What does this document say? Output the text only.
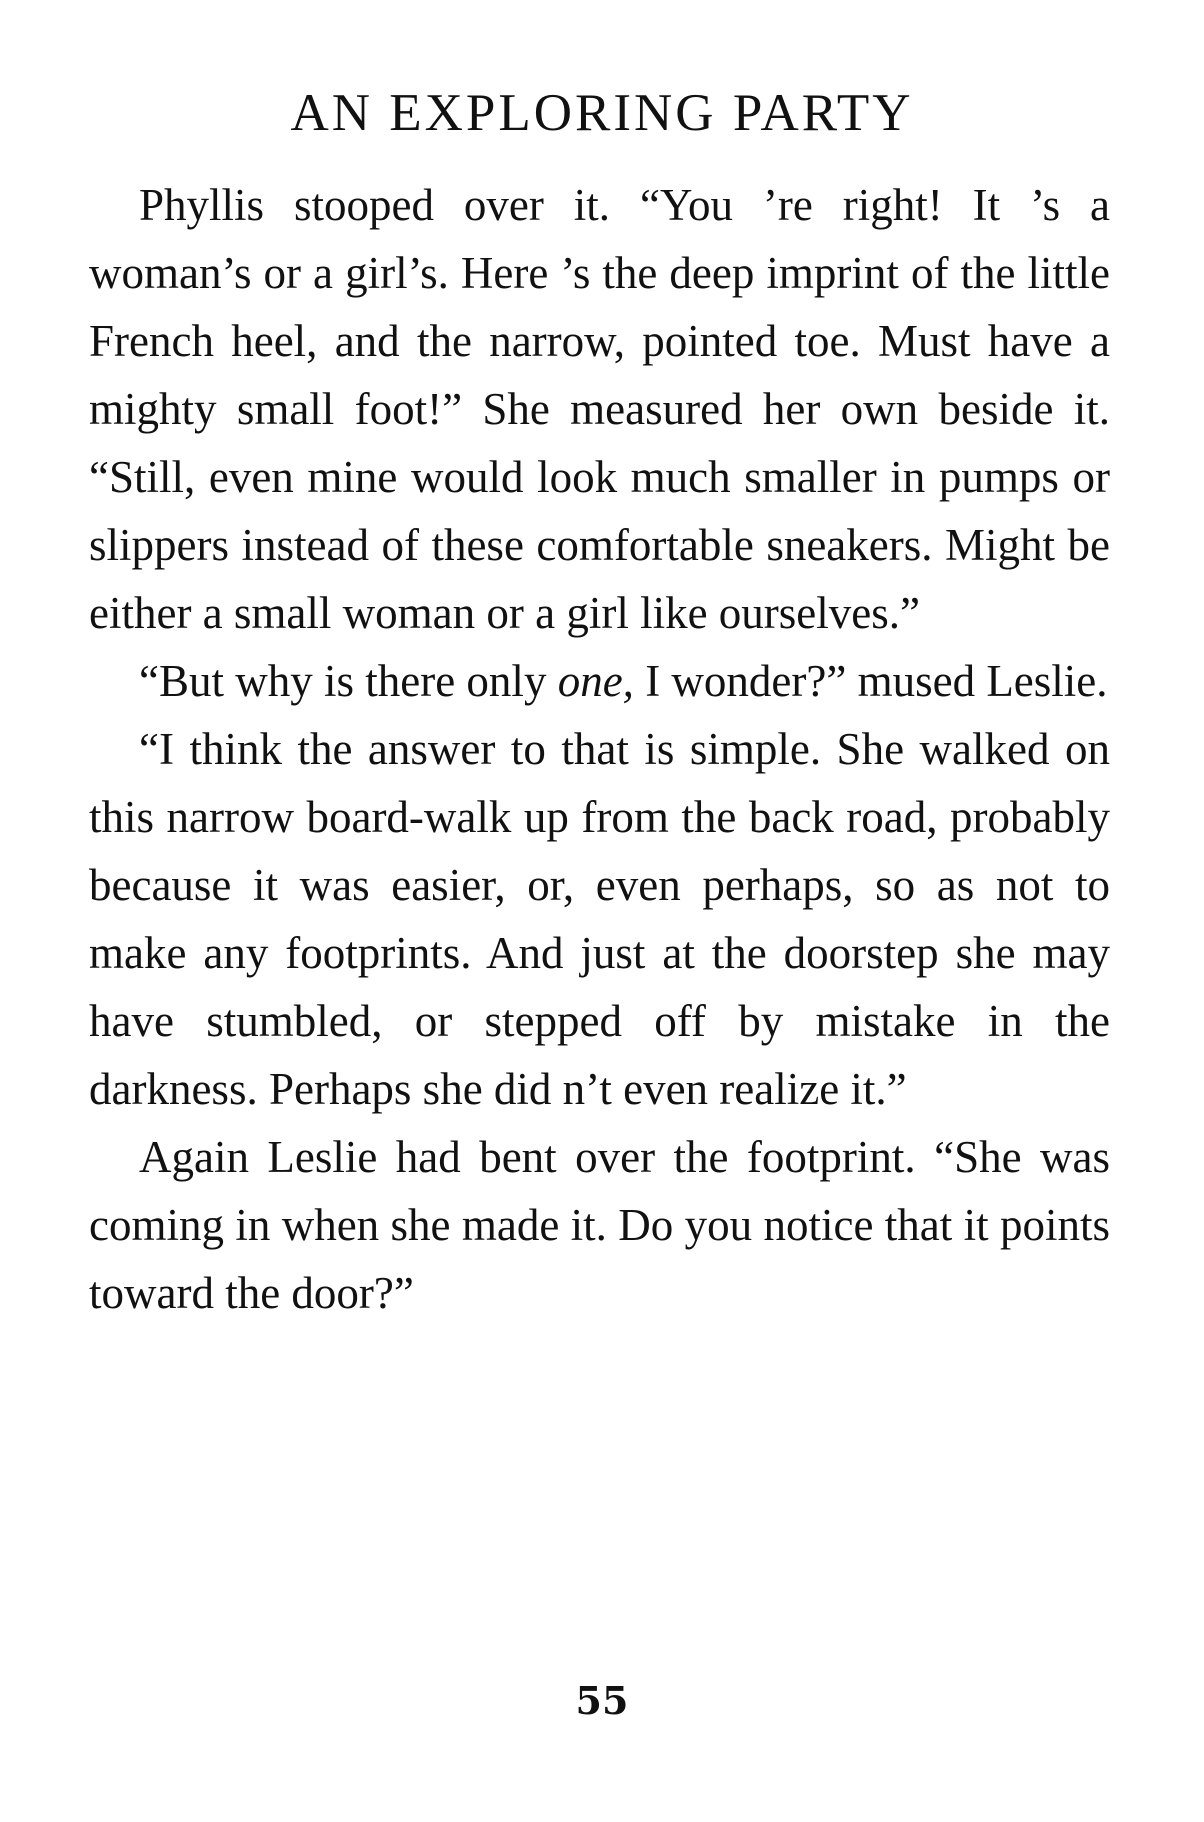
AN EXPLORING PARTY

Phyllis stooped over it. “You ’re right! It ’s a woman’s or a girl’s. Here ’s the deep imprint of the little French heel, and the narrow, pointed toe. Must have a mighty small foot!” She measured her own beside it. “Still, even mine would look much smaller in pumps or slippers instead of these comfortable sneakers. Might be either a small woman or a girl like ourselves.”

“But why is there only one, I wonder?” mused Leslie.

“I think the answer to that is simple. She walked on this narrow board-walk up from the back road, probably because it was easier, or, even perhaps, so as not to make any footprints. And just at the doorstep she may have stumbled, or stepped off by mistake in the darkness. Perhaps she did n’t even realize it.”

Again Leslie had bent over the footprint. “She was coming in when she made it. Do you notice that it points toward the door?”

55
